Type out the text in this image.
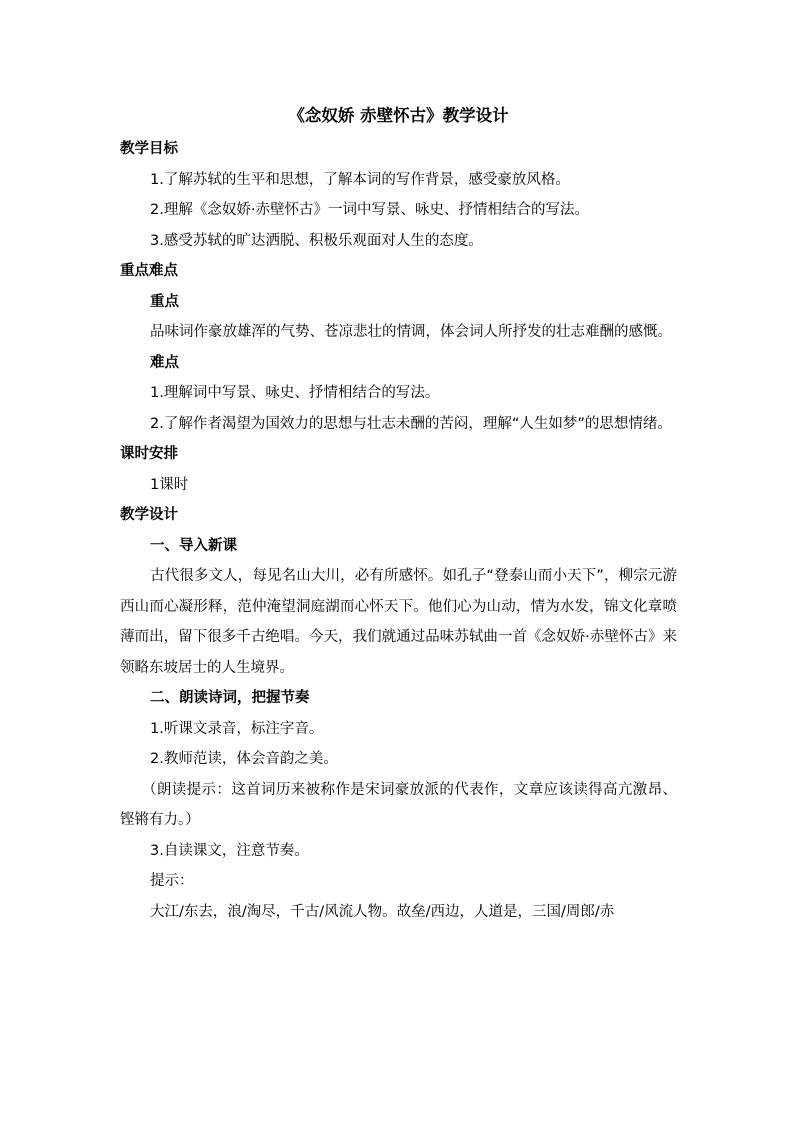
《念奴娇 赤壁怀古》教学设计

教学目标

1.了解苏轼的生平和思想，了解本词的写作背景，感受豪放风格。

2.理解《念奴娇·赤壁怀古》一词中写景、咏史、抒情相结合的写法。

3.感受苏轼的旷达洒脱、积极乐观面对人生的态度。

重点难点

重点

品味词作豪放雄浑的气势、苍凉悲壮的情调，体会词人所抒发的壮志难酬的感慨。

难点

1.理解词中写景、咏史、抒情相结合的写法。

2.了解作者渴望为国效力的思想与壮志未酬的苦闷，理解“人生如梦”的思想情绪。

课时安排

1课时

教学设计

一、导入新课

古代很多文人，每见名山大川，必有所感怀。如孔子“登泰山而小天下”，柳宗元游西山而心凝形释，范仲淹望洞庭湖而心怀天下。他们心为山动，情为水发，锦文化章喷薄而出，留下很多千古绝唱。今天，我们就通过品味苏轼曲一首《念奴娇·赤壁怀古》来领略东坡居士的人生境界。

二、朗读诗词，把握节奏

1.听课文录音，标注字音。

2.教师范读，体会音韵之美。

（朗读提示：这首词历来被称作是宋词豪放派的代表作，文章应该读得高亢激昂、铿锵有力。）

3.自读课文，注意节奏。

提示：

大江/东去，浪/淘尽，千古/风流人物。故垒/西边，人道是，三国/周郎/赤
